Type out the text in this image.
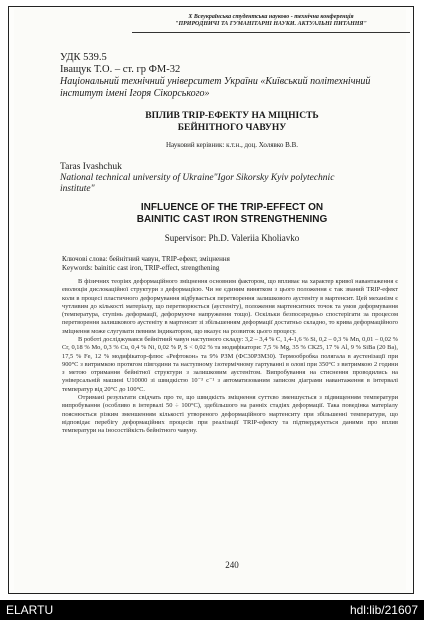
Х Всеукраїнська студентська науково - технічна конференція
"ПРИРОДНИЧІ ТА ГУМАНІТАРНІ НАУКИ. АКТУАЛЬНІ ПИТАННЯ"
УДК 539.5
Іващук Т.О. – ст. гр ФМ-32
Національний технічний університет України «Київський політехнічний інститут імені Ігоря Сікорського»
ВПЛИВ TRIP-ЕФЕКТУ НА МІЦНІСТЬ
БЕЙНІТНОГО ЧАВУНУ
Науковий керівник: к.т.н., доц. Холявко В.В.
Taras Ivashchuk
National technical university of Ukraine"Igor Sikorsky Kyiv polytechnic institute"
INFLUENCE OF THE TRIP-EFFECT ON
BAINITIC CAST IRON STRENGTHENING
Supervisor: Ph.D. Valeriia Kholiavko
Ключові слова: бейнітний чавун, TRIP-ефект, зміцнення
Keywords: bainitic cast iron, TRIP-effect, strengthening

В фізичних теоріях деформаційного зміцнення основним фактором, що впливає на характер кривої навантаження є еволюція дислокаційної структури з деформацією. Чи не єдиним винятком з цього положення є так званий TRIP-ефект коли в процесі пластичного деформування відбувається перетворення залишкового аустеніту в мартенсит. Цей механізм є чутливим до кількості матеріалу, що перетворюється (аустеніту), положення мартенситних точок та умов деформування (температура, ступінь деформації, деформуюче напруження тощо). Оскільки безпосередньо спостерігати за процесом перетворення залишкового аустеніту в мартенсит зі збільшенням деформації достатньо складно, то крива деформаційного зміцнення може слугувати певним індикатором, що вказує на розвиток цього процесу.

В роботі досліджувався бейнітний чавун наступного складу: 3,2 – 3,4 % C, 1,4-1,6 % Si, 0,2 – 0,3 % Mn, 0,01 – 0,02 % Cr, 0,18 % Mo, 0,3 % Cu, 0,4 % Ni, 0,02 % P, S < 0,02 % та модифікатори: 7,5 % Mg, 35 % СК25, 17 % Al, 9 % SiBa (20 Ba), 17,5 % Fe, 12 % модифікатор-флюс «Рефтокон» та 9% РЗМ (ФС30РЗМ30). Термообробка полягала в аустенізації при 900°С з витримкою протягом півгодини та наступному ізотермічному гартуванні в олові при 350°С з витримкою 2 години з метою отримання бейнітної структури з залишковим аустенітом. Випробування на стиснення проводились на універсальній машині U10000 зі швидкістю 10⁻³ с⁻¹ з автоматизованим записом діаграми навантаження в інтервалі температур від 20°С до 100°С.

Отримані результати свідчать про те, що швидкість зміцнення суттєво зменшується з підвищенням температури випробування (особливо в інтервалі 50 ÷ 100°С), здебільшого на ранніх стадіях деформації. Така поведінка матеріалу пояснюється різким зменшенням кількості утвореного деформаційного мартенситу при збільшенні температури, що відповідає перебігу деформаційних процесів при реалізації TRIP-ефекту та підтверджується даними про вплив температури на іносостійкість бейнітного чавуну.

240
ELARTU	hdl:lib/21607
